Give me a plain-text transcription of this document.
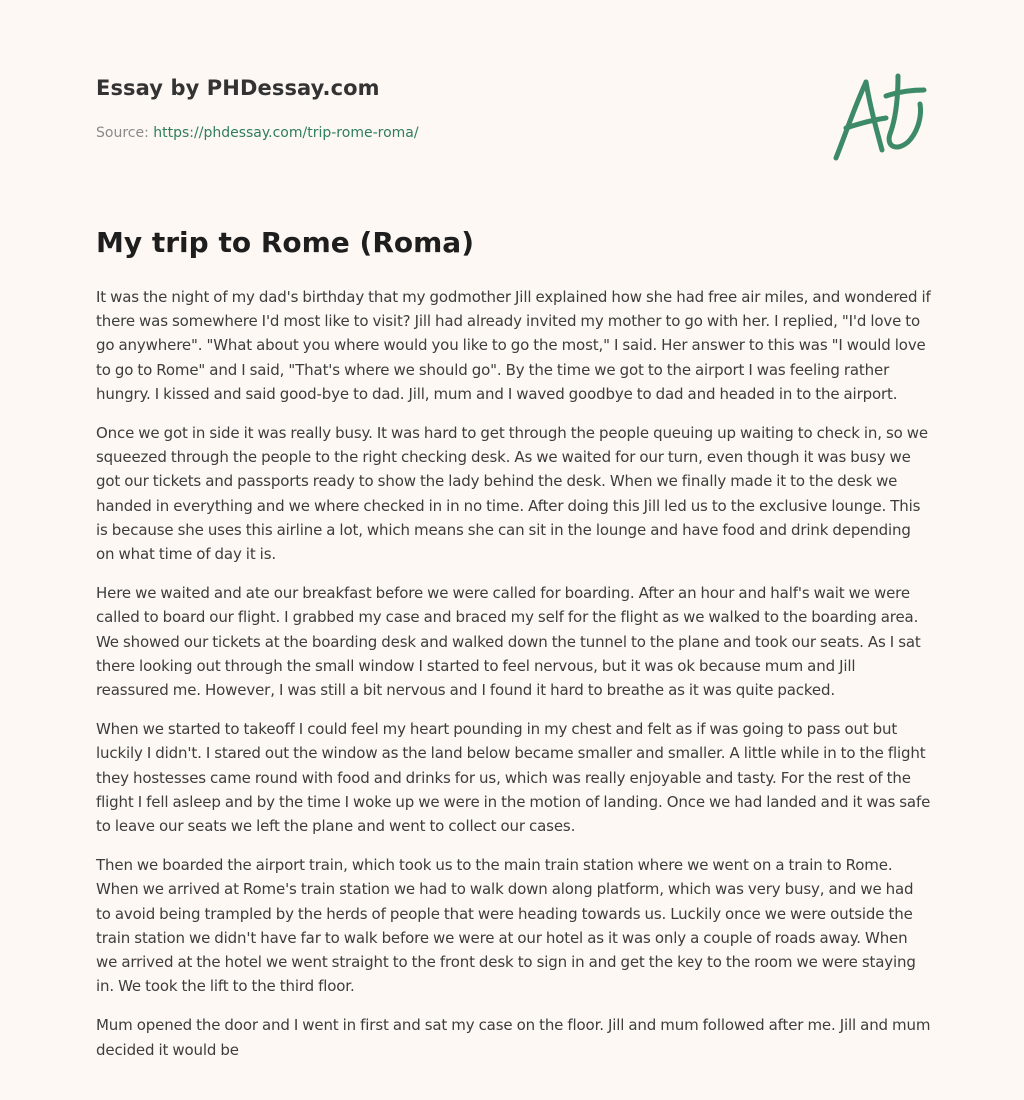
Essay by PHDessay.com
Source: https://phdessay.com/trip-rome-roma/
My trip to Rome (Roma)

It was the night of my dad's birthday that my godmother Jill explained how she had free air miles, and wondered if there was somewhere I'd most like to visit? Jill had already invited my mother to go with her. I replied, "I'd love to go anywhere". "What about you where would you like to go the most," I said. Her answer to this was "I would love to go to Rome" and I said, "That's where we should go". By the time we got to the airport I was feeling rather hungry. I kissed and said good-bye to dad. Jill, mum and I waved goodbye to dad and headed in to the airport.

Once we got in side it was really busy. It was hard to get through the people queuing up waiting to check in, so we squeezed through the people to the right checking desk. As we waited for our turn, even though it was busy we got our tickets and passports ready to show the lady behind the desk. When we finally made it to the desk we handed in everything and we where checked in in no time. After doing this Jill led us to the exclusive lounge. This is because she uses this airline a lot, which means she can sit in the lounge and have food and drink depending on what time of day it is.

Here we waited and ate our breakfast before we were called for boarding. After an hour and half's wait we were called to board our flight. I grabbed my case and braced my self for the flight as we walked to the boarding area. We showed our tickets at the boarding desk and walked down the tunnel to the plane and took our seats. As I sat there looking out through the small window I started to feel nervous, but it was ok because mum and Jill reassured me. However, I was still a bit nervous and I found it hard to breathe as it was quite packed.

When we started to takeoff I could feel my heart pounding in my chest and felt as if was going to pass out but luckily I didn't. I stared out the window as the land below became smaller and smaller. A little while in to the flight they hostesses came round with food and drinks for us, which was really enjoyable and tasty. For the rest of the flight I fell asleep and by the time I woke up we were in the motion of landing. Once we had landed and it was safe to leave our seats we left the plane and went to collect our cases.

Then we boarded the airport train, which took us to the main train station where we went on a train to Rome. When we arrived at Rome's train station we had to walk down along platform, which was very busy, and we had to avoid being trampled by the herds of people that were heading towards us. Luckily once we were outside the train station we didn't have far to walk before we were at our hotel as it was only a couple of roads away. When we arrived at the hotel we went straight to the front desk to sign in and get the key to the room we were staying in. We took the lift to the third floor.

Mum opened the door and I went in first and sat my case on the floor. Jill and mum followed after me. Jill and mum decided it would be
